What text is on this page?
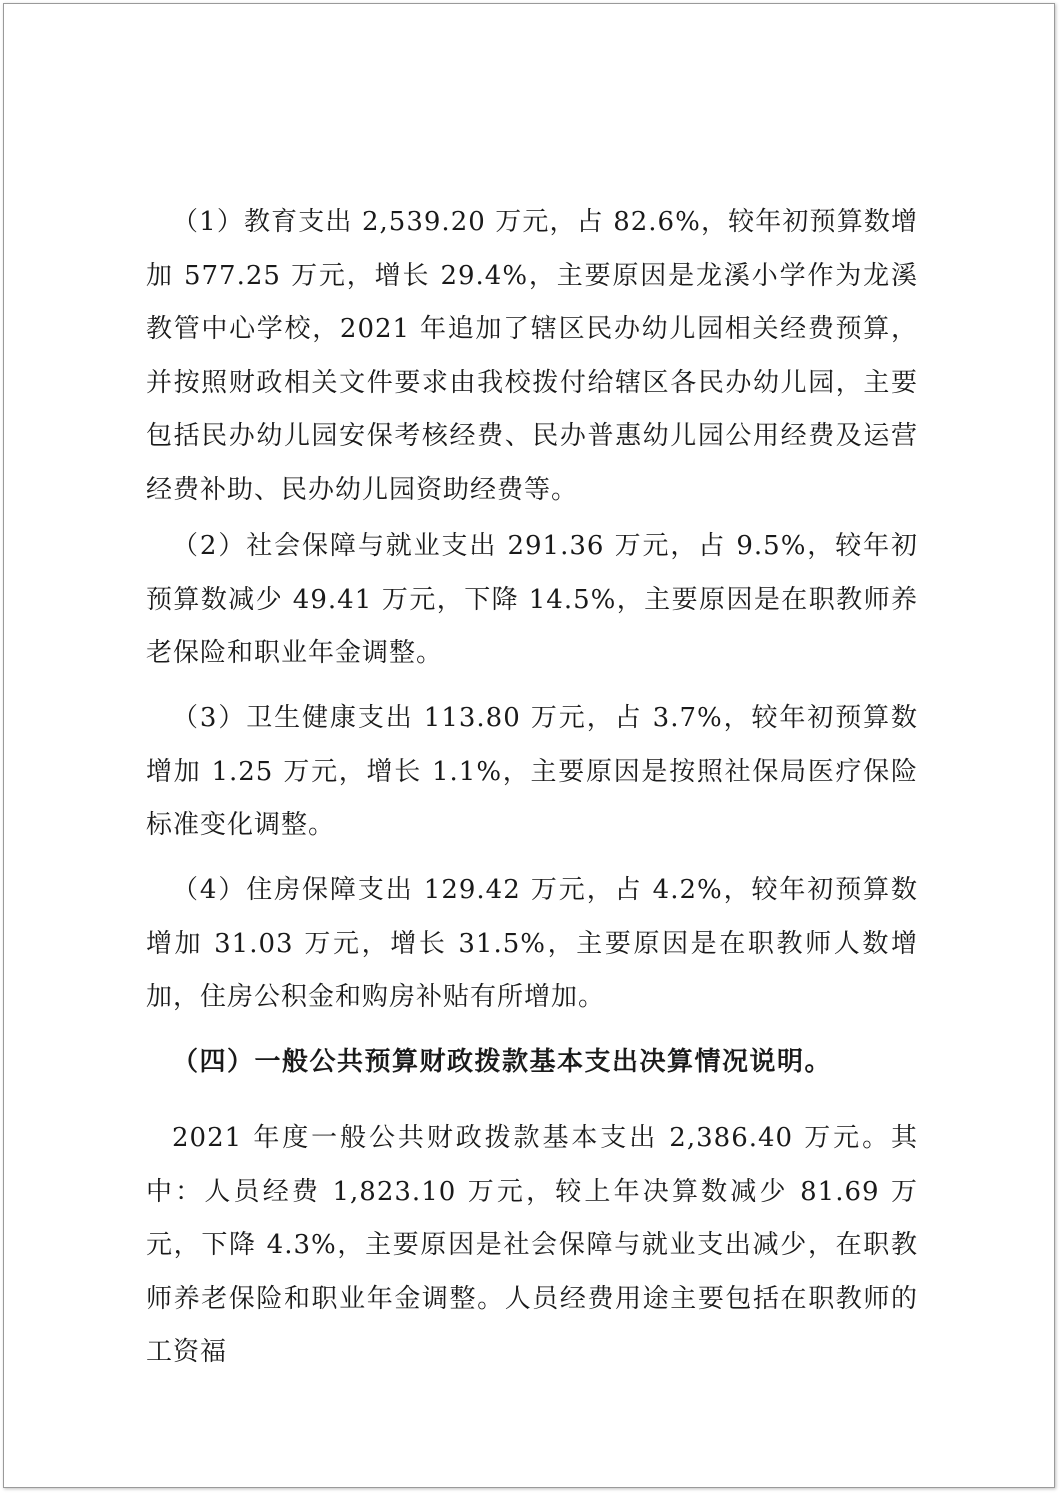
（1）教育支出 2,539.20 万元，占 82.6%，较年初预算数增加 577.25 万元，增长 29.4%，主要原因是龙溪小学作为龙溪教管中心学校，2021 年追加了辖区民办幼儿园相关经费预算，并按照财政相关文件要求由我校拨付给辖区各民办幼儿园，主要包括民办幼儿园安保考核经费、民办普惠幼儿园公用经费及运营经费补助、民办幼儿园资助经费等。

（2）社会保障与就业支出 291.36 万元，占 9.5%，较年初预算数减少 49.41 万元，下降 14.5%，主要原因是在职教师养老保险和职业年金调整。

（3）卫生健康支出 113.80 万元，占 3.7%，较年初预算数增加 1.25 万元，增长 1.1%，主要原因是按照社保局医疗保险标准变化调整。

（4）住房保障支出 129.42 万元，占 4.2%，较年初预算数增加 31.03 万元，增长 31.5%，主要原因是在职教师人数增加，住房公积金和购房补贴有所增加。

（四）一般公共预算财政拨款基本支出决算情况说明。

2021 年度一般公共财政拨款基本支出 2,386.40 万元。其中：人员经费 1,823.10 万元，较上年决算数减少 81.69 万元，下降 4.3%，主要原因是社会保障与就业支出减少，在职教师养老保险和职业年金调整。人员经费用途主要包括在职教师的工资福
